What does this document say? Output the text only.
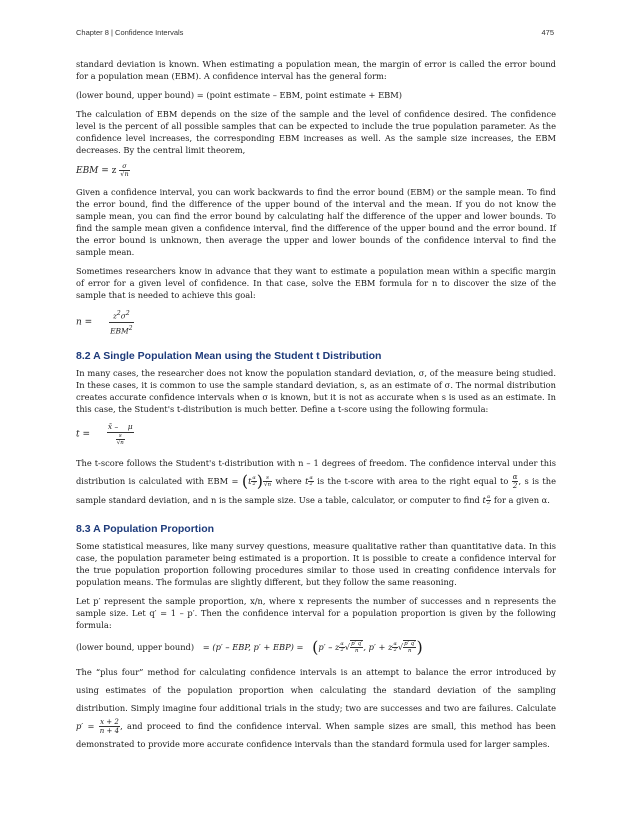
Chapter 8 | Confidence Intervals	475

standard deviation is known. When estimating a population mean, the margin of error is called the error bound for a population mean (EBM). A confidence interval has the general form:

(lower bound, upper bound) = (point estimate – EBM, point estimate + EBM)

The calculation of EBM depends on the size of the sample and the level of confidence desired. The confidence level is the percent of all possible samples that can be expected to include the true population parameter. As the confidence level increases, the corresponding EBM increases as well. As the sample size increases, the EBM decreases. By the central limit theorem,

EBM = z $\frac{\sigma}{√n}$

Given a confidence interval, you can work backwards to find the error bound (EBM) or the sample mean. To find the error bound, find the difference of the upper bound of the interval and the mean. If you do not know the sample mean, you can find the error bound by calculating half the difference of the upper and lower bounds. To find the sample mean given a confidence interval, find the difference of the upper bound and the error bound. If the error bound is unknown, then average the upper and lower bounds of the confidence interval to find the sample mean.

Sometimes researchers know in advance that they want to estimate a population mean within a specific margin of error for a given level of confidence. In that case, solve the EBM formula for n to discover the size of the sample that is needed to achieve this goal:

$n = \frac{z^2\sigma^2}{EBM^2}$
8.2 A Single Population Mean using the Student t Distribution

In many cases, the researcher does not know the population standard deviation, σ, of the measure being studied. In these cases, it is common to use the sample standard deviation, s, as an estimate of σ. The normal distribution creates accurate confidence intervals when σ is known, but it is not as accurate when s is used as an estimate. In this case, the Student's t-distribution is much better. Define a t-score using the following formula:

$t = \frac{x̄ - \mu}{\frac{s}{√n}}$

The t-score follows the Student's t-distribution with n – 1 degrees of freedom. The confidence interval under this distribution is calculated with EBM = ($t \frac{\alpha}{2}$ ) $\frac{s}{√n}$ where t $\frac{\alpha}{2}$ is the t-score with area to the right equal to $\frac{\alpha}{2}$ , s is the sample standard deviation, and n is the sample size. Use a table, calculator, or computer to find t $\frac{\alpha}{2}$ for a given α.

8.3 A Population Proportion

Some statistical measures, like many survey questions, measure qualitative rather than quantitative data. In this case, the population parameter being estimated is a proportion. It is possible to create a confidence interval for the true population proportion following procedures similar to those used in creating confidence intervals for population means. The formulas are slightly different, but they follow the same reasoning.

Let p′ represent the sample proportion, x/n, where x represents the number of successes and n represents the sample size. Let q′ = 1 – p′. Then the confidence interval for a population proportion is given by the following formula:

(lower bound, upper bound) = (p′ – EBP, p′ + EBP) = (p′ – z $\frac{\alpha}{2}$ √ $\frac{p' q'}{n}$ , p′ + z $\frac{\alpha}{2}$ √ $\frac{p' q'}{n}$ )

The “plus four” method for calculating confidence intervals is an attempt to balance the error introduced by using estimates of the population proportion when calculating the standard deviation of the sampling distribution. Simply imagine four additional trials in the study; two are successes and two are failures. Calculate $p' = \frac{x + 2}{n + 4}$ , and proceed to find the confidence interval. When sample sizes are small, this method has been demonstrated to provide more accurate confidence intervals than the standard formula used for larger samples.
